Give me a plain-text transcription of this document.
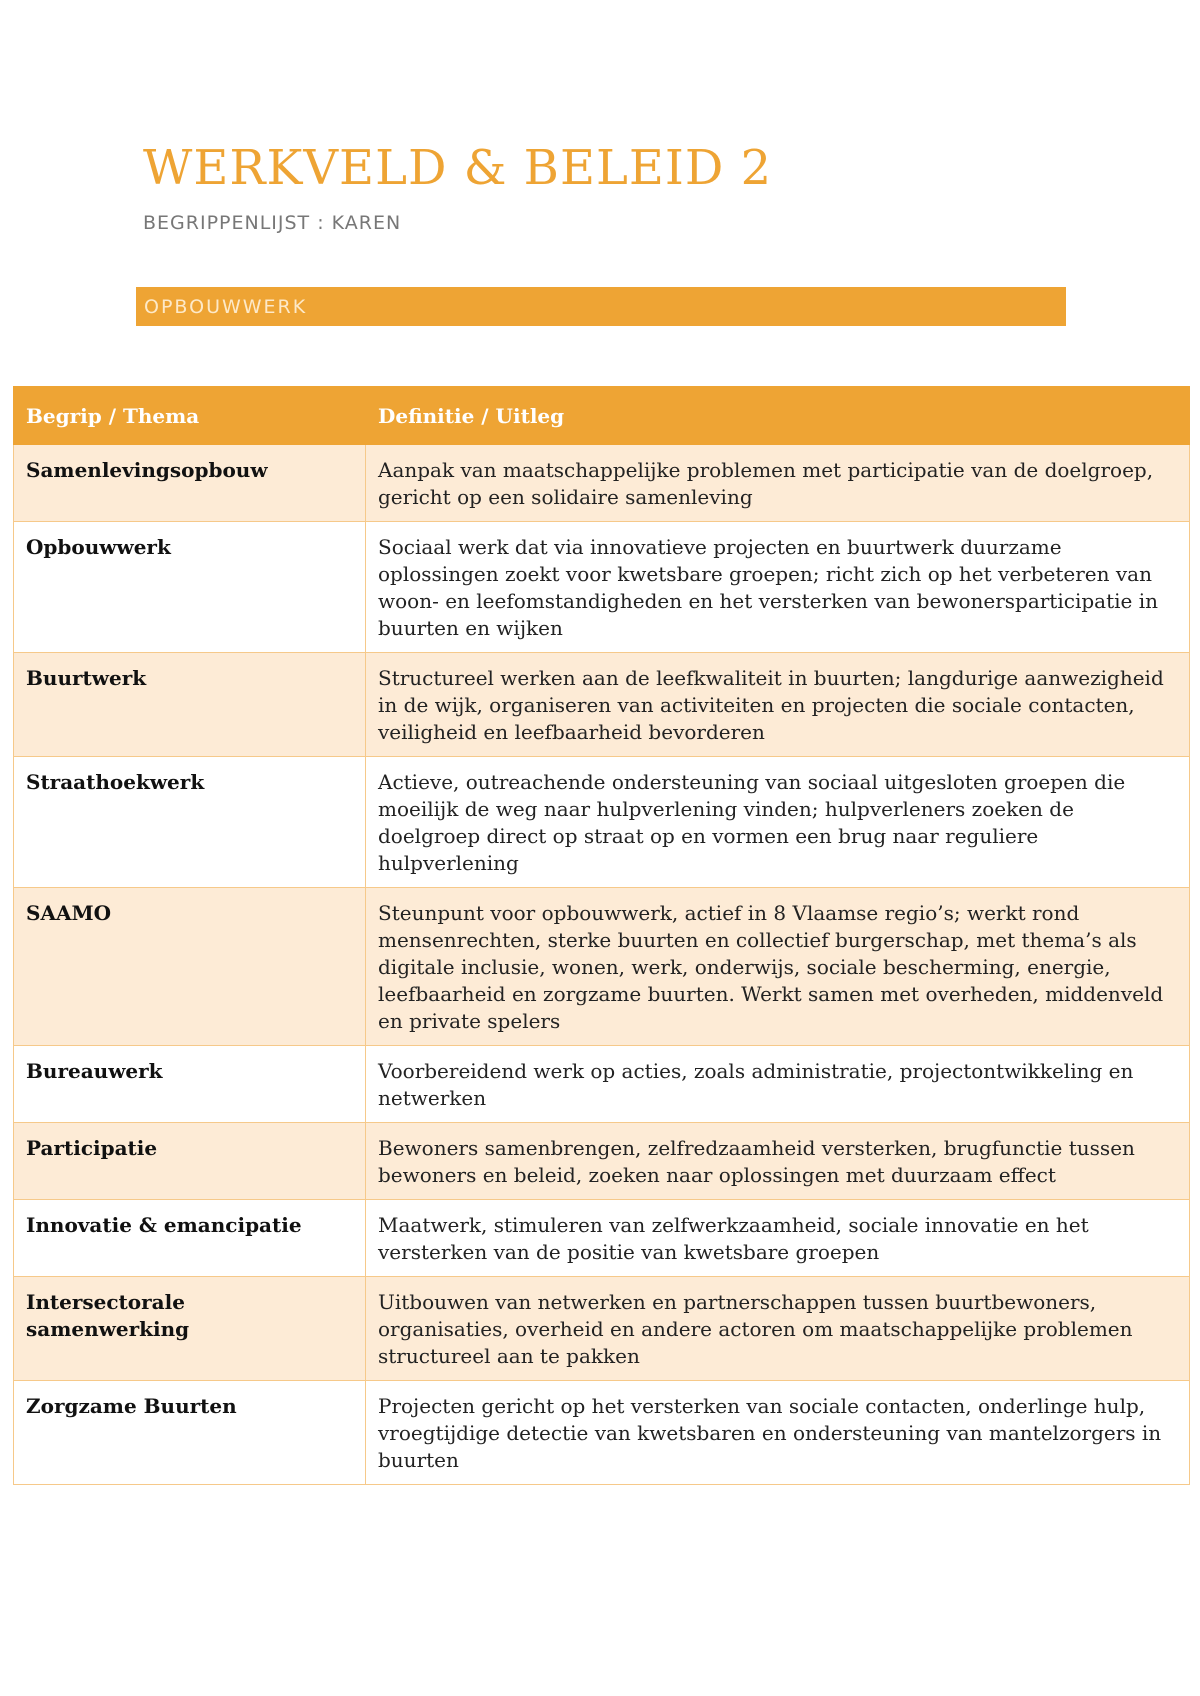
WERKVELD & BELEID 2
BEGRIPPENLIJST : KAREN
OPBOUWWERK
Begrip / Thema	Definitie / Uitleg
Samenlevingsopbouw	Aanpak van maatschappelijke problemen met participatie van de doelgroep, gericht op een solidaire samenleving
Opbouwwerk	Sociaal werk dat via innovatieve projecten en buurtwerk duurzame oplossingen zoekt voor kwetsbare groepen; richt zich op het verbeteren van woon- en leefomstandigheden en het versterken van bewonersparticipatie in buurten en wijken
Buurtwerk	Structureel werken aan de leefkwaliteit in buurten; langdurige aanwezigheid in de wijk, organiseren van activiteiten en projecten die sociale contacten, veiligheid en leefbaarheid bevorderen
Straathoekwerk	Actieve, outreachende ondersteuning van sociaal uitgesloten groepen die moeilijk de weg naar hulpverlening vinden; hulpverleners zoeken de doelgroep direct op straat op en vormen een brug naar reguliere hulpverlening
SAAMO	Steunpunt voor opbouwwerk, actief in 8 Vlaamse regio’s; werkt rond mensenrechten, sterke buurten en collectief burgerschap, met thema’s als digitale inclusie, wonen, werk, onderwijs, sociale bescherming, energie, leefbaarheid en zorgzame buurten. Werkt samen met overheden, middenveld en private spelers
Bureauwerk	Voorbereidend werk op acties, zoals administratie, projectontwikkeling en netwerken
Participatie	Bewoners samenbrengen, zelfredzaamheid versterken, brugfunctie tussen bewoners en beleid, zoeken naar oplossingen met duurzaam effect
Innovatie & emancipatie	Maatwerk, stimuleren van zelfwerkzaamheid, sociale innovatie en het versterken van de positie van kwetsbare groepen
Intersectorale samenwerking	Uitbouwen van netwerken en partnerschappen tussen buurtbewoners, organisaties, overheid en andere actoren om maatschappelijke problemen structureel aan te pakken
Zorgzame Buurten	Projecten gericht op het versterken van sociale contacten, onderlinge hulp, vroegtijdige detectie van kwetsbaren en ondersteuning van mantelzorgers in buurten
